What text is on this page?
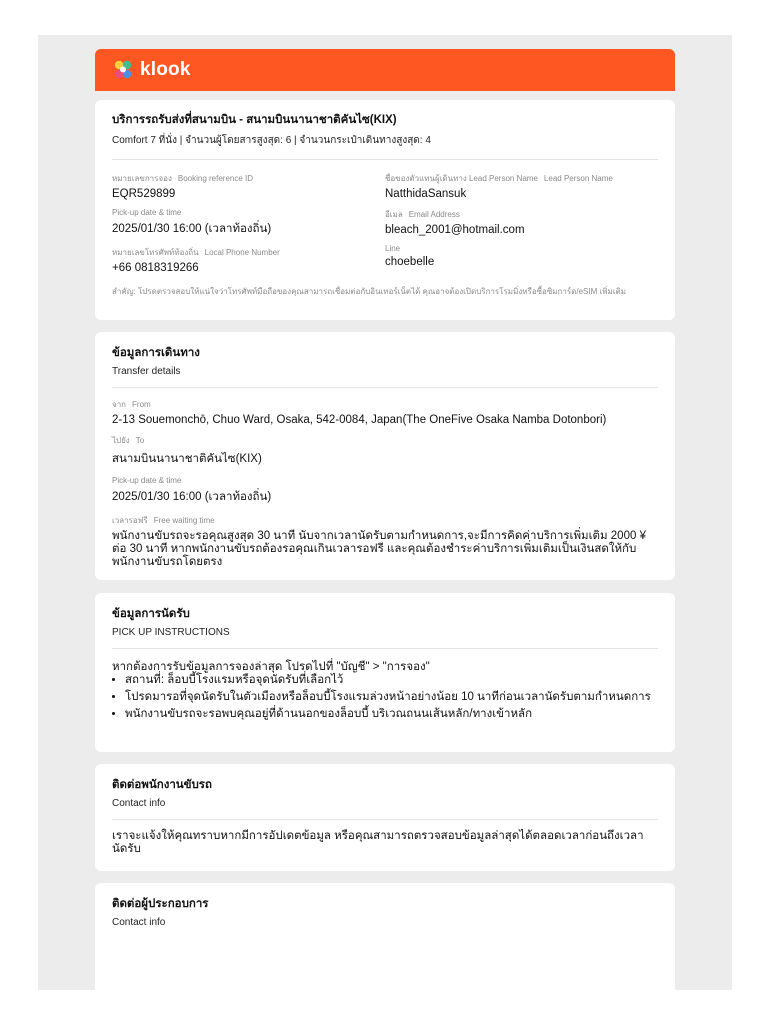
klook
บริการรถรับส่งที่สนามบิน - สนามบินนานาชาติคันไซ(KIX)
Comfort 7 ที่นั่ง | จำนวนผู้โดยสารสูงสุด: 6 | จำนวนกระเป๋าเดินทางสูงสุด: 4
หมายเลขการจอง Booking reference ID
EQR529899
Pick-up date & time
2025/01/30 16:00 (เวลาท้องถิ่น)
หมายเลขโทรศัพท์ท้องถิ่น Local Phone Number
+66 0818319266
ชื่อของตัวแทนผู้เดินทาง Lead Person Name Lead Person Name
NatthidaSansuk
อีเมล Email Address
bleach_2001@hotmail.com
Line
choebelle
สำคัญ: โปรดตรวจสอบให้แน่ใจว่าโทรศัพท์มือถือของคุณสามารถเชื่อมต่อกับอินเทอร์เน็ตได้ คุณอาจต้องเปิดบริการโรมมิ่งหรือซื้อซิมการ์ด/eSIM เพิ่มเติม
ข้อมูลการเดินทาง
Transfer details
จาก From
2-13 Souemonchō, Chuo Ward, Osaka, 542-0084, Japan(The OneFive Osaka Namba Dotonbori)
ไปยัง To
สนามบินนานาชาติคันไซ(KIX)
Pick-up date & time
2025/01/30 16:00 (เวลาท้องถิ่น)
เวลารอฟรี Free waiting time
พนักงานขับรถจะรอคุณสูงสุด 30 นาที นับจากเวลานัดรับตามกำหนดการ,จะมีการคิดค่าบริการเพิ่มเติม 2000 ¥ ต่อ 30 นาที หากพนักงานขับรถต้องรอคุณเกินเวลารอฟรี และคุณต้องชำระค่าบริการเพิ่มเติมเป็นเงินสดให้กับพนักงานขับรถโดยตรง
ข้อมูลการนัดรับ
PICK UP INSTRUCTIONS
หากต้องการรับข้อมูลการจองล่าสุด โปรดไปที่ "บัญชี" > "การจอง"
• สถานที่: ล็อบบี้โรงแรมหรือจุดนัดรับที่เลือกไว้
• โปรดมารอที่จุดนัดรับในตัวเมืองหรือล็อบบี้โรงแรมล่วงหน้าอย่างน้อย 10 นาทีก่อนเวลานัดรับตามกำหนดการ
• พนักงานขับรถจะรอพบคุณอยู่ที่ด้านนอกของล็อบบี้ บริเวณถนนเส้นหลัก/ทางเข้าหลัก
ติดต่อพนักงานขับรถ
Contact info
เราจะแจ้งให้คุณทราบหากมีการอัปเดตข้อมูล หรือคุณสามารถตรวจสอบข้อมูลล่าสุดได้ตลอดเวลาก่อนถึงเวลานัดรับ
ติดต่อผู้ประกอบการ
Contact info
